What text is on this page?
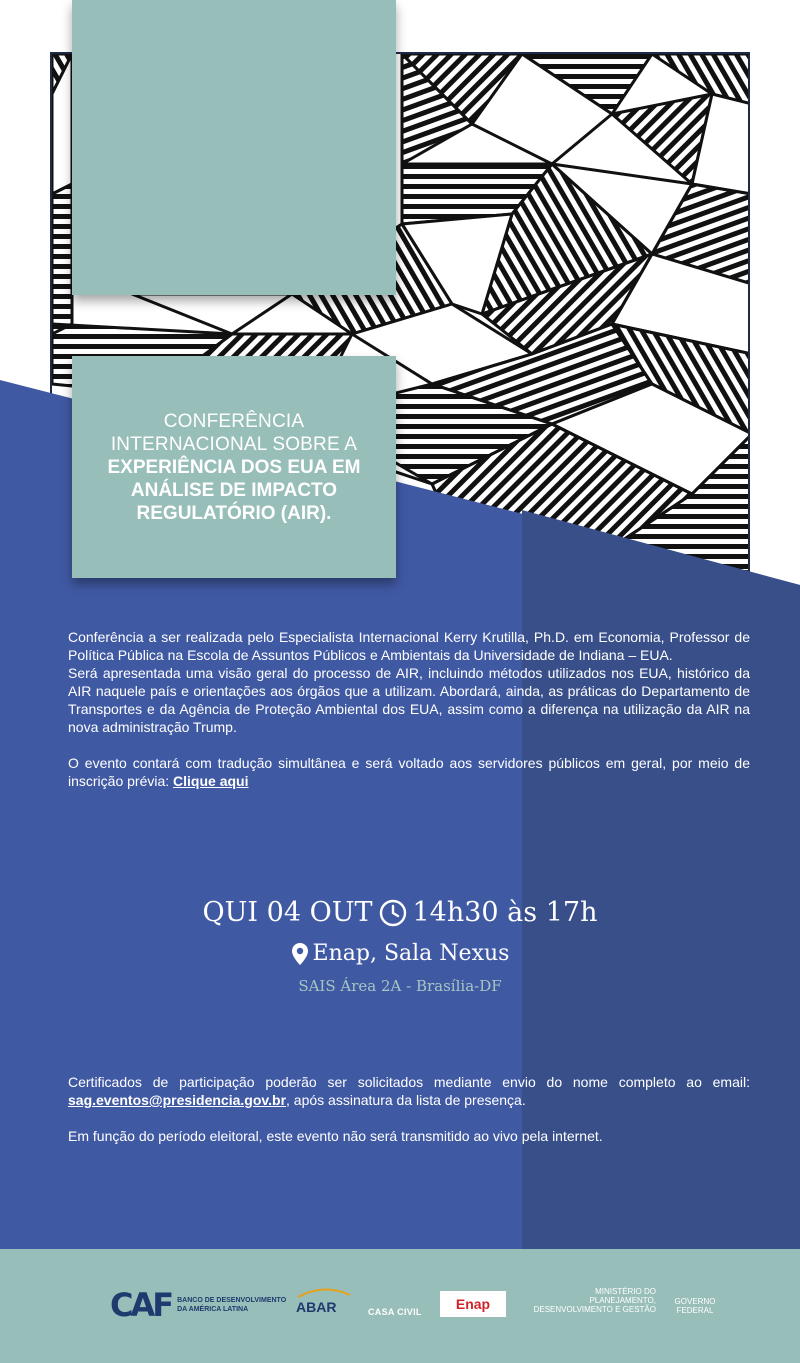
CONFERÊNCIA
INTERNACIONAL SOBRE A
EXPERIÊNCIA DOS EUA EM
ANÁLISE DE IMPACTO
REGULATÓRIO (AIR).

Conferência a ser realizada pelo Especialista Internacional Kerry Krutilla, Ph.D. em Economia, Professor de Política Pública na Escola de Assuntos Públicos e Ambientais da Universidade de Indiana – EUA.

Será apresentada uma visão geral do processo de AIR, incluindo métodos utilizados nos EUA, histórico da AIR naquele país e orientações aos órgãos que a utilizam. Abordará, ainda, as práticas do Departamento de Transportes e da Agência de Proteção Ambiental dos EUA, assim como a diferença na utilização da AIR na nova administração Trump.

O evento contará com tradução simultânea e será voltado aos servidores públicos em geral, por meio de inscrição prévia: Clique aqui

QUI 04 OUT 14h30 às 17h
Enap, Sala Nexus
SAIS Área 2A - Brasília-DF

Certificados de participação poderão ser solicitados mediante envio do nome completo ao email: sag.eventos@presidencia.gov.br, após assinatura da lista de presença.

Em função do período eleitoral, este evento não será transmitido ao vivo pela internet.

CAF BANCO DE DESENVOLVIMENTO
DA AMÉRICA LATINA	ABAR	CASA CIVIL	Enap
MINISTÉRIO DO
PLANEJAMENTO,
DESENVOLVIMENTO E GESTÃO
GOVERNO
FEDERAL
